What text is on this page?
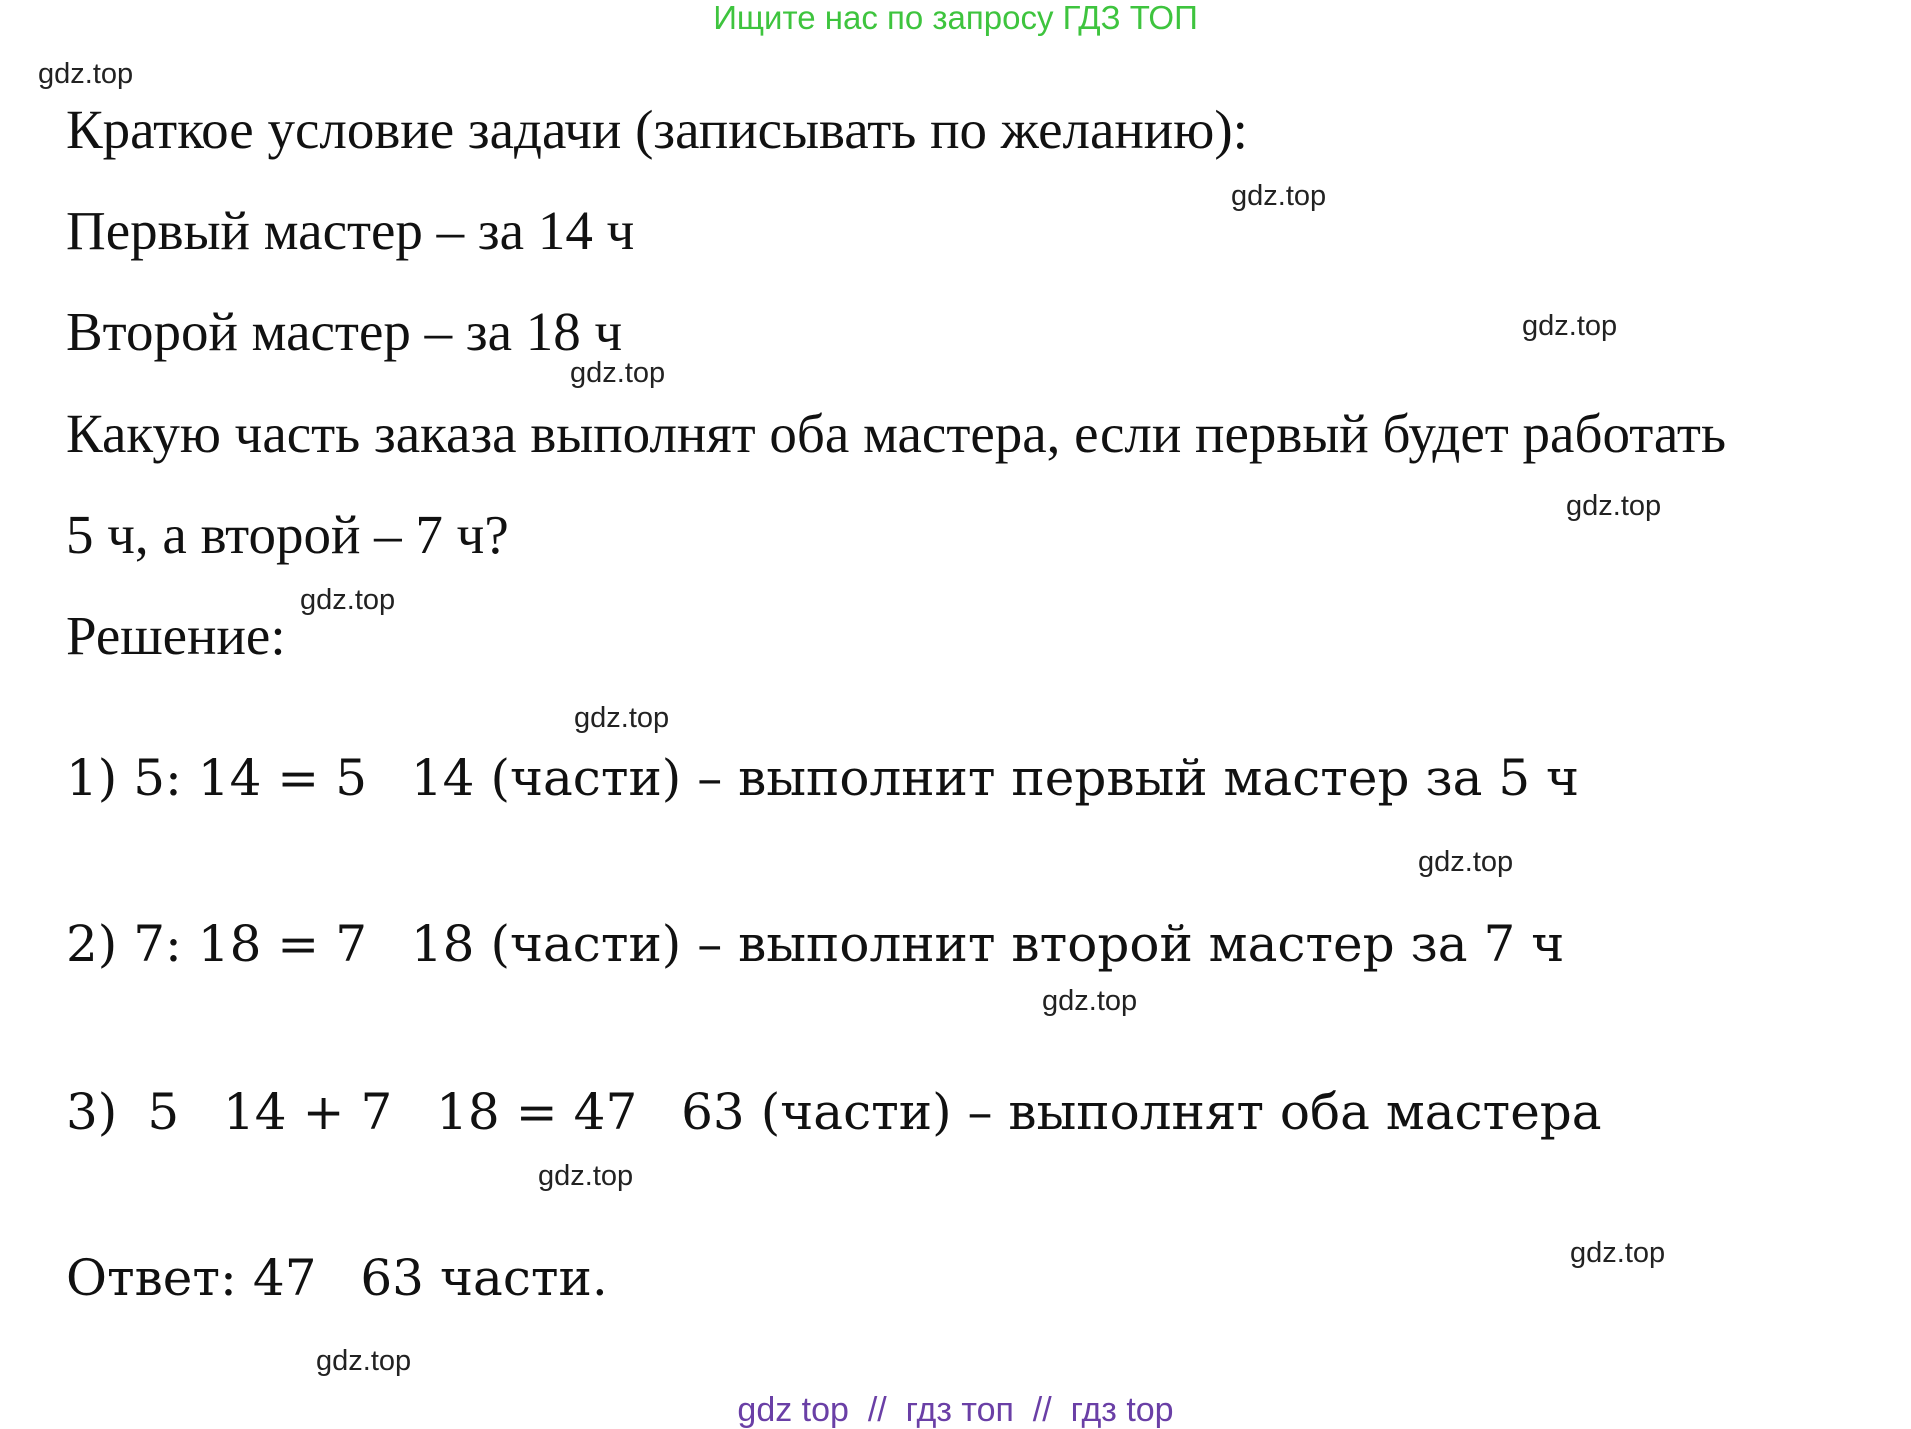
Ищите нас по запросу ГДЗ ТОП
gdz.top
gdz.top
gdz.top
gdz.top
gdz.top
gdz.top
gdz.top
gdz.top
gdz.top
gdz.top
gdz.top
gdz.top
Краткое условие задачи (записывать по желанию):
Первый мастер – за 14 ч
Второй мастер – за 18 ч
Какую часть заказа выполнят оба мастера, если первый будет работать
5 ч, а второй – 7 ч?
Решение:
1) 5: 14 = 5 14 (части) – выполнит первый мастер за 5 ч
2) 7: 18 = 7 18 (части) – выполнит второй мастер за 7 ч
3) 5 14 + 7 18 = 47 63 (части) – выполнят оба мастера
Ответ: 47 63 части.
gdz top  //  гдз топ  //  гдз top
